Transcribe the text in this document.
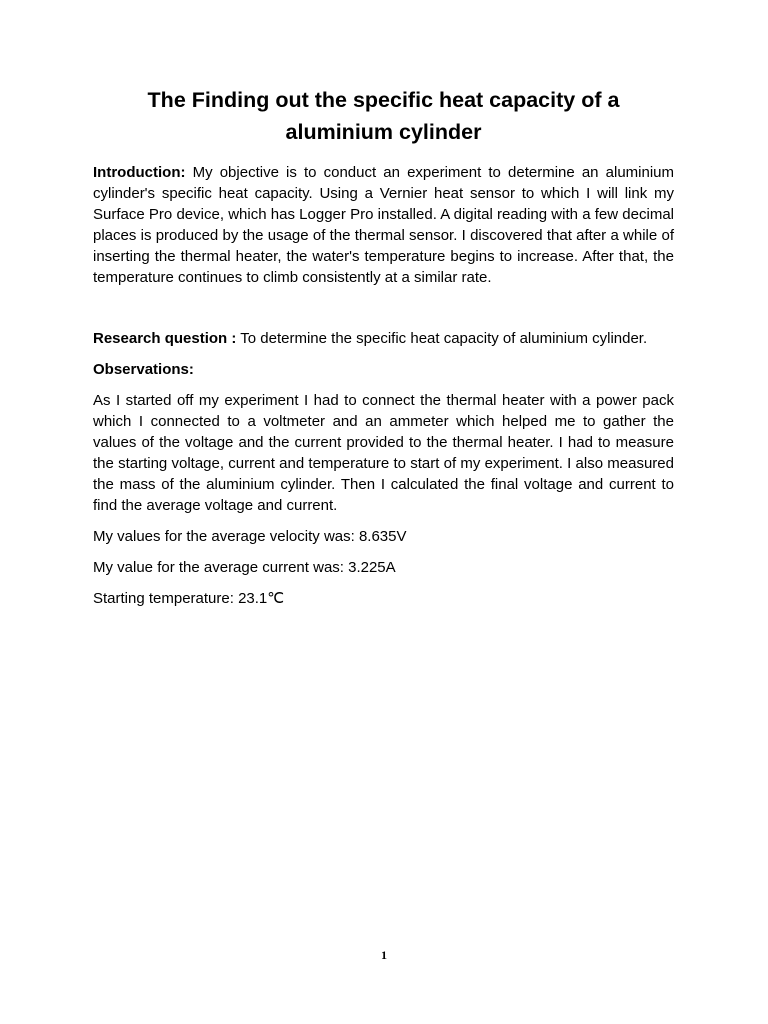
The Finding out the specific heat capacity of a aluminium cylinder

Introduction: My objective is to conduct an experiment to determine an aluminium cylinder's specific heat capacity. Using a Vernier heat sensor to which I will link my Surface Pro device, which has Logger Pro installed. A digital reading with a few decimal places is produced by the usage of the thermal sensor. I discovered that after a while of inserting the thermal heater, the water's temperature begins to increase. After that, the temperature continues to climb consistently at a similar rate.

Research question : To determine the specific heat capacity of aluminium cylinder.

Observations:

As I started off my experiment I had to connect the thermal heater with a power pack which I connected to a voltmeter and an ammeter which helped me to gather the values of the voltage and the current provided to the thermal heater. I had to measure the starting voltage, current and temperature to start of my experiment. I also measured the mass of the aluminium cylinder. Then I calculated the final voltage and current to find the average voltage and current.

My values for the average velocity was: 8.635V

My value for the average current was: 3.225A

Starting temperature: 23.1℃

1
